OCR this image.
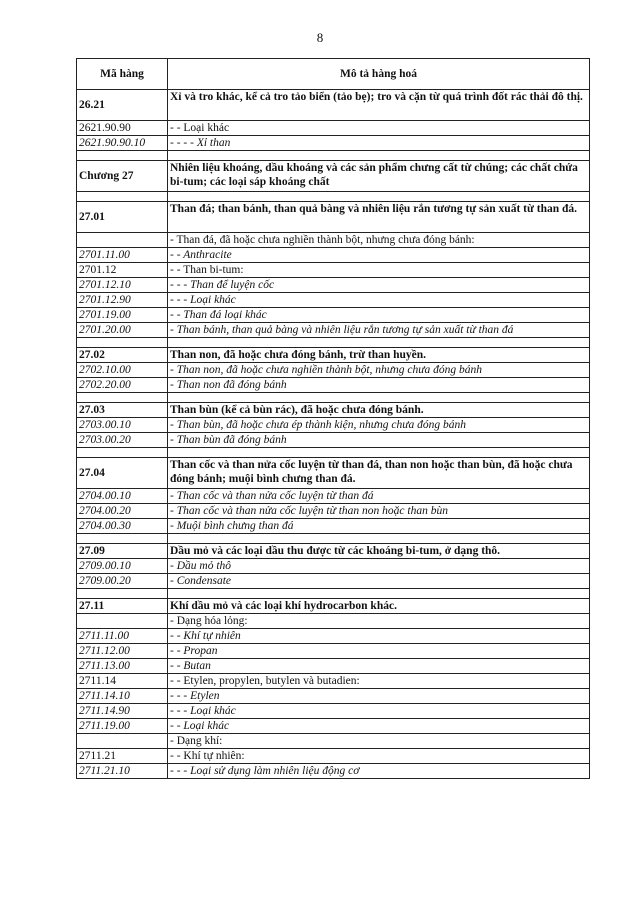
8
Mã hàng	Mô tả hàng hoá
26.21	Xỉ và tro khác, kể cả tro tảo biển (tảo bẹ); tro và cặn từ quá trình đốt rác thải đô thị.
2621.90.90	- - Loại khác
2621.90.90.10	- - - - Xỉ than

Chương 27	Nhiên liệu khoáng, dầu khoáng và các sản phẩm chưng cất từ chúng; các chất chứa bi-tum; các loại sáp khoáng chất

27.01	Than đá; than bánh, than quả bàng và nhiên liệu rắn tương tự sản xuất từ than đá.
	- Than đá, đã hoặc chưa nghiền thành bột, nhưng chưa đóng bánh:
2701.11.00	- - Anthracite
2701.12	- - Than bi-tum:
2701.12.10	- - - Than để luyện cốc
2701.12.90	- - - Loại khác
2701.19.00	- - Than đá loại khác
2701.20.00	- Than bánh, than quả bàng và nhiên liệu rắn tương tự sản xuất từ than đá

27.02	Than non, đã hoặc chưa đóng bánh, trừ than huyền.
2702.10.00	- Than non, đã hoặc chưa nghiền thành bột, nhưng chưa đóng bánh
2702.20.00	- Than non đã đóng bánh

27.03	Than bùn (kể cả bùn rác), đã hoặc chưa đóng bánh.
2703.00.10	- Than bùn, đã hoặc chưa ép thành kiện, nhưng chưa đóng bánh
2703.00.20	- Than bùn đã đóng bánh

27.04	Than cốc và than nửa cốc luyện từ than đá, than non hoặc than bùn, đã hoặc chưa đóng bánh; muội bình chưng than đá.
2704.00.10	- Than cốc và than nửa cốc luyện từ than đá
2704.00.20	- Than cốc và than nửa cốc luyện từ than non hoặc than bùn
2704.00.30	- Muội bình chưng than đá

27.09	Dầu mỏ và các loại dầu thu được từ các khoáng bi-tum, ở dạng thô.
2709.00.10	- Dầu mỏ thô
2709.00.20	- Condensate

27.11	Khí dầu mỏ và các loại khí hydrocarbon khác.
	- Dạng hóa lỏng:
2711.11.00	- - Khí tự nhiên
2711.12.00	- - Propan
2711.13.00	- - Butan
2711.14	- - Etylen, propylen, butylen và butadien:
2711.14.10	- - - Etylen
2711.14.90	- - - Loại khác
2711.19.00	- - Loại khác
	- Dạng khí:
2711.21	- - Khí tự nhiên:
2711.21.10	- - - Loại sử dụng làm nhiên liệu động cơ
